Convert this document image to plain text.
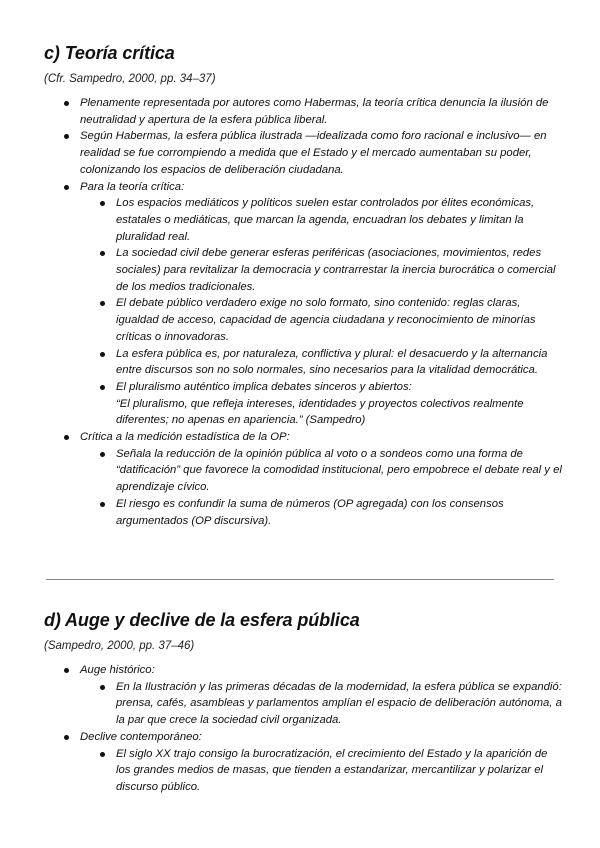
c) Teoría crítica

(Cfr. Sampedro, 2000, pp. 34–37)

Plenamente representada por autores como Habermas, la teoría crítica denuncia la ilusión de neutralidad y apertura de la esfera pública liberal.
Según Habermas, la esfera pública ilustrada —idealizada como foro racional e inclusivo— en realidad se fue corrompiendo a medida que el Estado y el mercado aumentaban su poder, colonizando los espacios de deliberación ciudadana.
Para la teoría crítica:
Los espacios mediáticos y políticos suelen estar controlados por élites económicas, estatales o mediáticas, que marcan la agenda, encuadran los debates y limitan la pluralidad real.
La sociedad civil debe generar esferas periféricas (asociaciones, movimientos, redes sociales) para revitalizar la democracia y contrarrestar la inercia burocrática o comercial de los medios tradicionales.
El debate público verdadero exige no solo formato, sino contenido: reglas claras, igualdad de acceso, capacidad de agencia ciudadana y reconocimiento de minorías críticas o innovadoras.
La esfera pública es, por naturaleza, conflictiva y plural: el desacuerdo y la alternancia entre discursos son no solo normales, sino necesarios para la vitalidad democrática.
El pluralismo auténtico implica debates sinceros y abiertos:
“El pluralismo, que refleja intereses, identidades y proyectos colectivos realmente diferentes; no apenas en apariencia.” (Sampedro)
Crítica a la medición estadística de la OP:
Señala la reducción de la opinión pública al voto o a sondeos como una forma de “datificación” que favorece la comodidad institucional, pero empobrece el debate real y el aprendizaje cívico.
El riesgo es confundir la suma de números (OP agregada) con los consensos argumentados (OP discursiva).
d) Auge y declive de la esfera pública

(Sampedro, 2000, pp. 37–46)

Auge histórico:
En la Ilustración y las primeras décadas de la modernidad, la esfera pública se expandió: prensa, cafés, asambleas y parlamentos amplían el espacio de deliberación autónoma, a la par que crece la sociedad civil organizada.
Declive contemporáneo:
El siglo XX trajo consigo la burocratización, el crecimiento del Estado y la aparición de los grandes medios de masas, que tienden a estandarizar, mercantilizar y polarizar el discurso público.
